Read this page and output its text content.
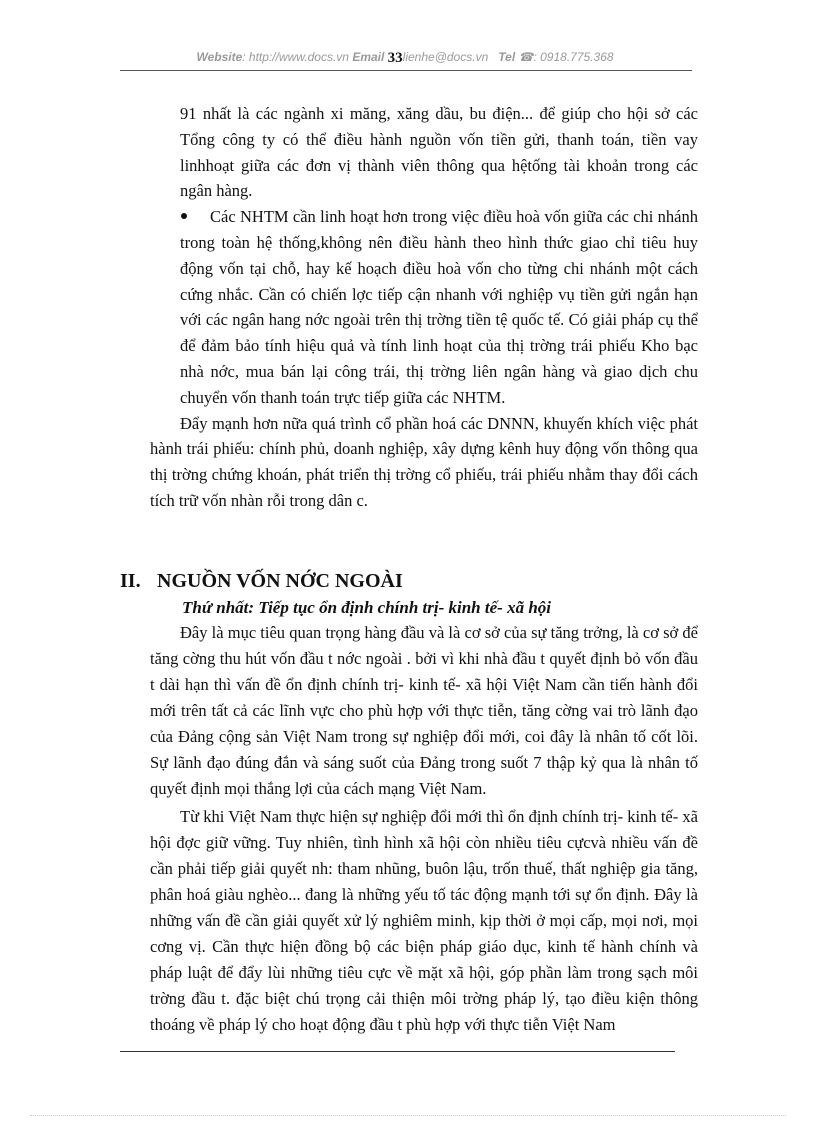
Website: http://www.docs.vn Email 33lienhe@docs.vn Tel ☎: 0918.775.368

91 nhất là các ngành xi măng, xăng dầu, bu điện... để giúp cho hội sở các Tổng công ty có thể điều hành nguồn vốn tiền gửi, thanh toán, tiền vay linhhoạt giữa các đơn vị thành viên thông qua hệtống tài khoản trong các ngân hàng.

Các NHTM cần linh hoạt hơn trong việc điều hoà vốn giữa các chi nhánh trong toàn hệ thống,không nên điều hành theo hình thức giao chỉ tiêu huy động vốn tại chỗ, hay kế hoạch điều hoà vốn cho từng chi nhánh một cách cứng nhắc. Cần có chiến lợc tiếp cận nhanh với nghiệp vụ tiền gửi ngắn hạn với các ngân hang nớc ngoài trên thị trờng tiền tệ quốc tế. Có giải pháp cụ thể để đảm bảo tính hiệu quả và tính linh hoạt của thị trờng trái phiếu Kho bạc nhà nớc, mua bán lại công trái, thị trờng liên ngân hàng và giao dịch chu chuyển vốn thanh toán trực tiếp giữa các NHTM.

Đẩy mạnh hơn nữa quá trình cổ phần hoá các DNNN, khuyến khích việc phát hành trái phiếu: chính phủ, doanh nghiệp, xây dựng kênh huy động vốn thông qua thị trờng chứng khoán, phát triển thị trờng cổ phiếu, trái phiếu nhằm thay đổi cách tích trữ vốn nhàn rỗi trong dân c.

II. NGUỒN VỐN NỚC NGOÀI
Thứ nhất: Tiếp tục ổn định chính trị- kinh tế- xã hội

Đây là mục tiêu quan trọng hàng đầu và là cơ sở của sự tăng trởng, là cơ sở để tăng cờng thu hút vốn đầu t nớc ngoài . bởi vì khi nhà đầu t quyết định bỏ vốn đầu t dài hạn thì vấn đề ổn định chính trị- kinh tế- xã hội Việt Nam cần tiến hành đổi mới trên tất cả các lĩnh vực cho phù hợp với thực tiễn, tăng cờng vai trò lãnh đạo của Đảng cộng sản Việt Nam trong sự nghiệp đổi mới, coi đây là nhân tố cốt lõi. Sự lãnh đạo đúng đắn và sáng suốt của Đảng trong suốt 7 thập kỷ qua là nhân tố quyết định mọi thắng lợi của cách mạng Việt Nam.

Từ khi Việt Nam thực hiện sự nghiệp đổi mới thì ổn định chính trị- kinh tế- xã hội đợc giữ vững. Tuy nhiên, tình hình xã hội còn nhiều tiêu cựcvà nhiều vấn đề cần phải tiếp giải quyết nh: tham nhũng, buôn lậu, trốn thuế, thất nghiệp gia tăng, phân hoá giàu nghèo... đang là những yếu tố tác động mạnh tới sự ổn định. Đây là những vấn đề cần giải quyết xử lý nghiêm minh, kịp thời ở mọi cấp, mọi nơi, mọi cơng vị. Cần thực hiện đồng bộ các biện pháp giáo dục, kinh tế hành chính và pháp luật để đẩy lùi những tiêu cực về mặt xã hội, góp phần làm trong sạch môi trờng đầu t. đặc biệt chú trọng cải thiện môi trờng pháp lý, tạo điều kiện thông thoáng về pháp lý cho hoạt động đầu t phù hợp với thực tiễn Việt Nam
